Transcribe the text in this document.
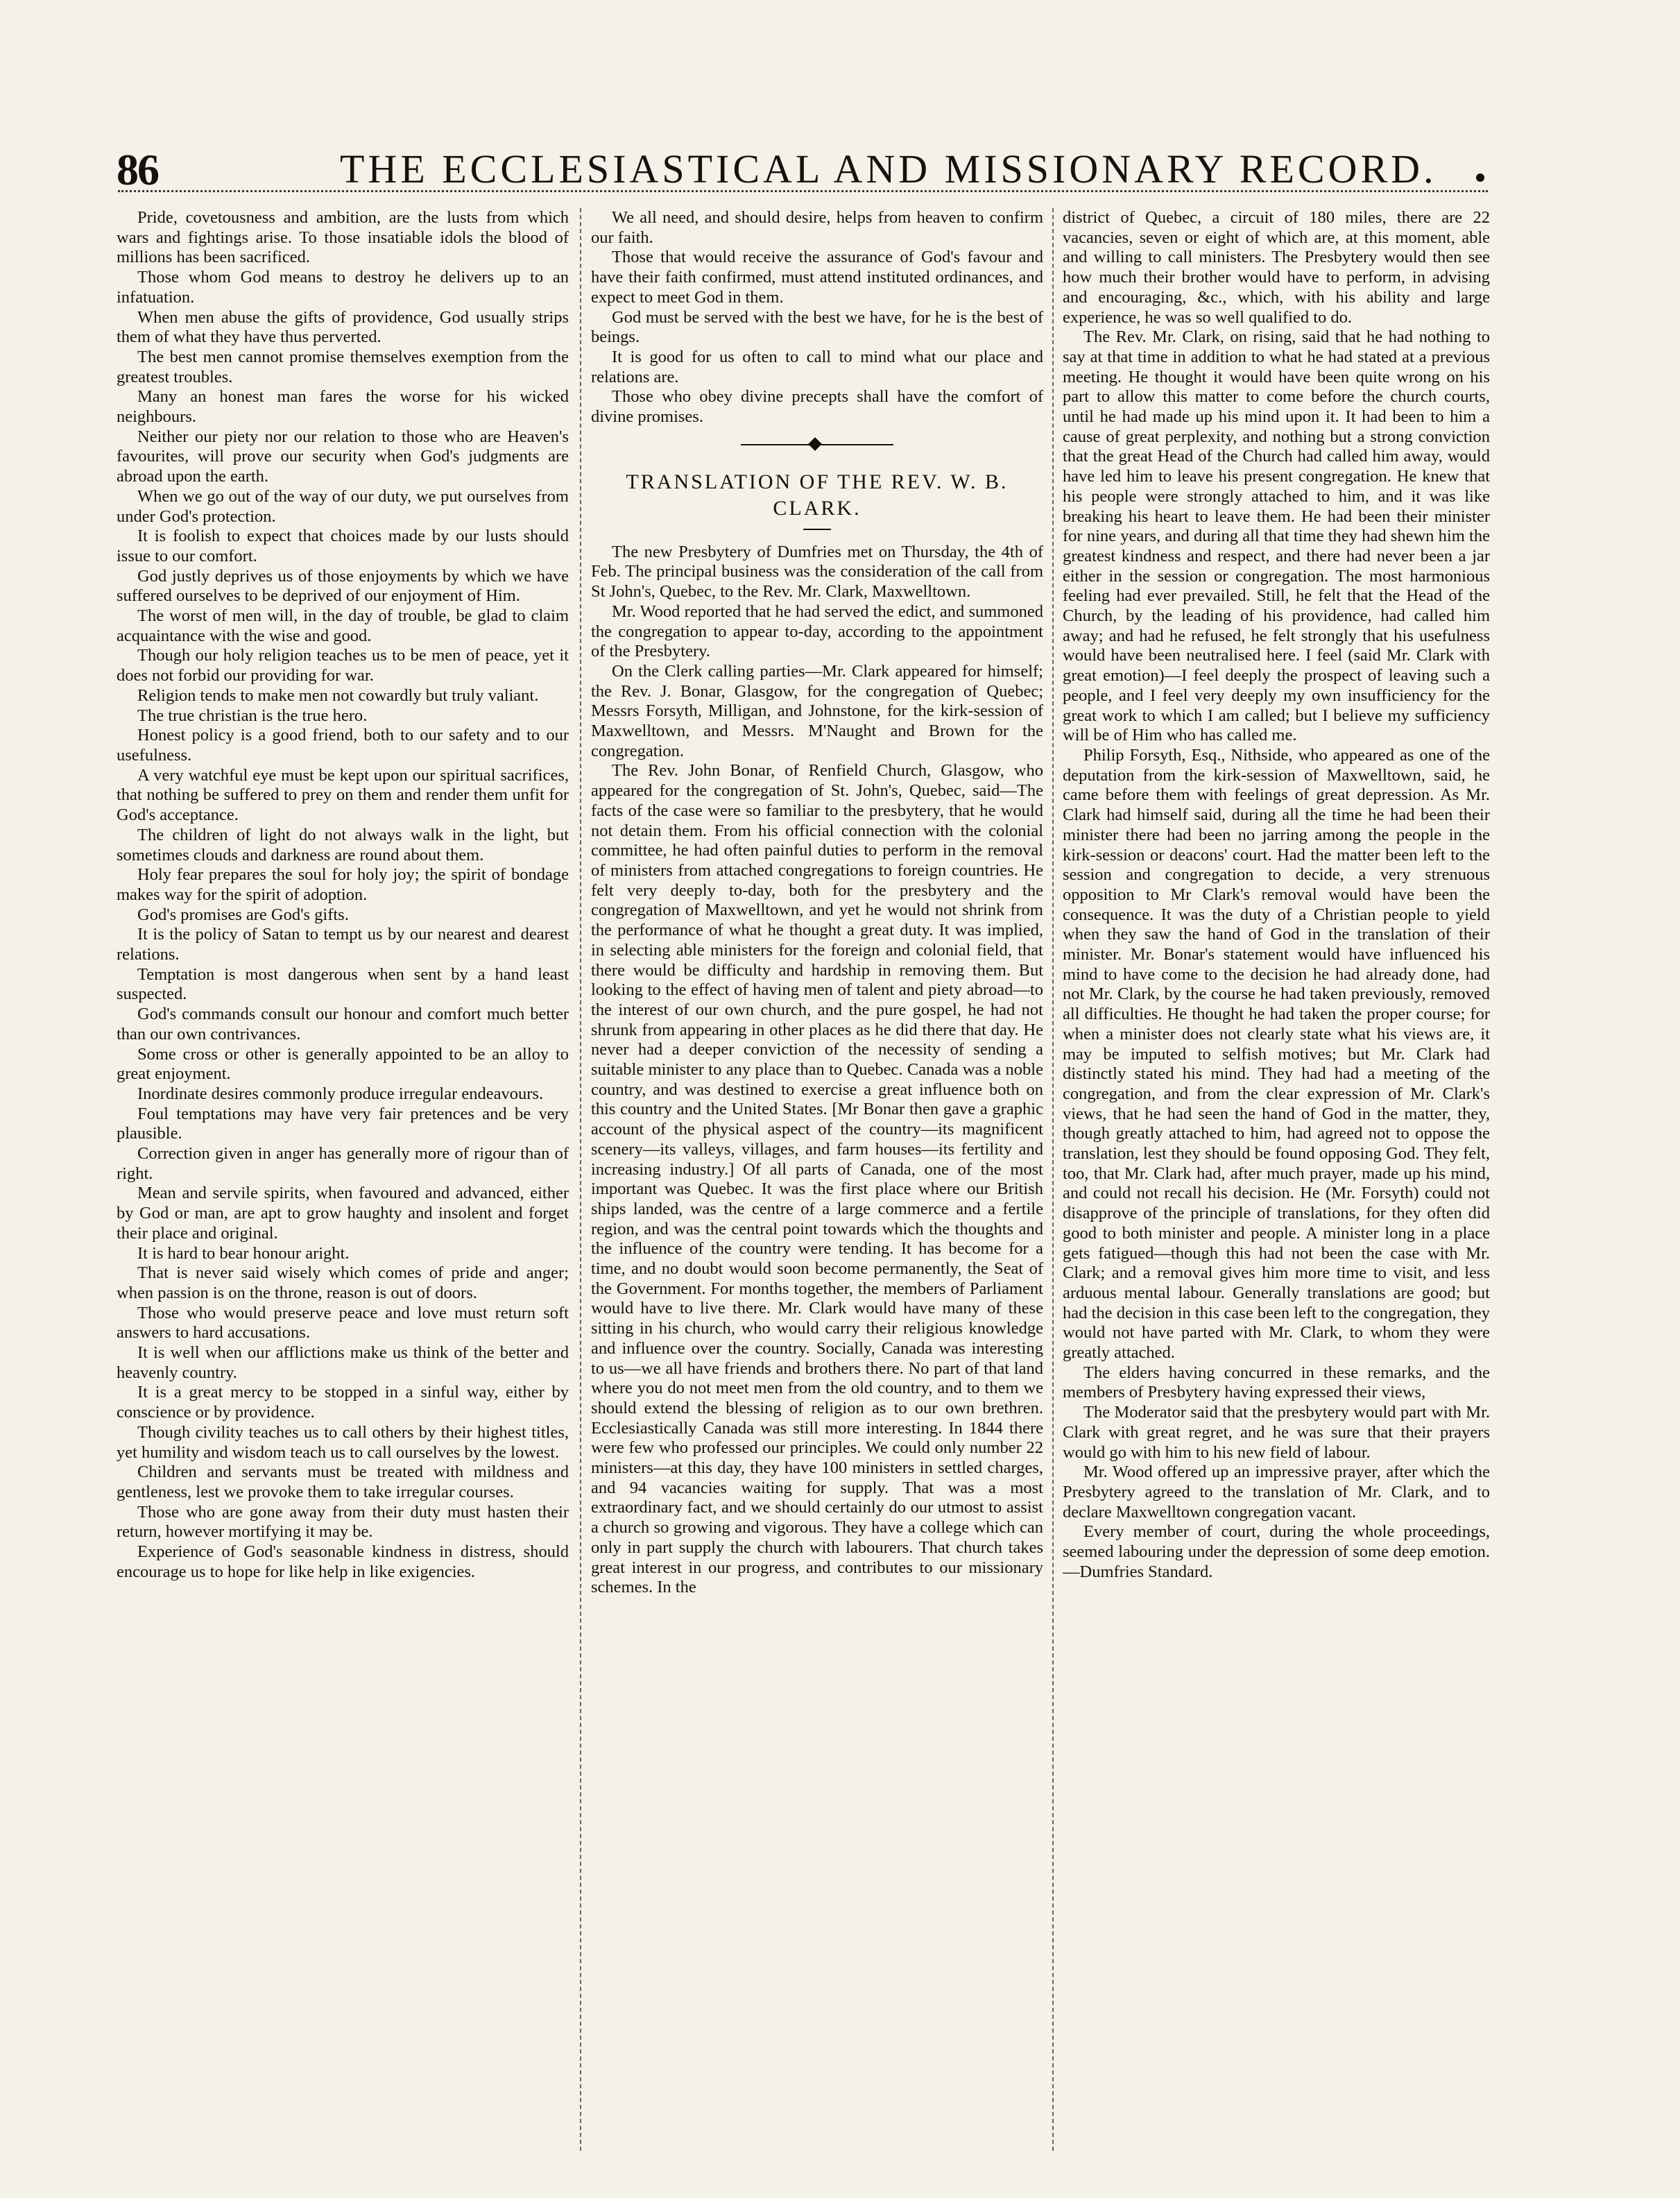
86	THE ECCLESIASTICAL AND MISSIONARY RECORD.

Pride, covetousness and ambition, are the lusts from which wars and fightings arise. To those insatiable idols the blood of millions has been sacrificed.

Those whom God means to destroy he delivers up to an infatuation.

When men abuse the gifts of providence, God usually strips them of what they have thus perverted.

The best men cannot promise themselves exemption from the greatest troubles.

Many an honest man fares the worse for his wicked neighbours.

Neither our piety nor our relation to those who are Heaven's favourites, will prove our security when God's judgments are abroad upon the earth.

When we go out of the way of our duty, we put ourselves from under God's protection.

It is foolish to expect that choices made by our lusts should issue to our comfort.

God justly deprives us of those enjoyments by which we have suffered ourselves to be deprived of our enjoyment of Him.

The worst of men will, in the day of trouble, be glad to claim acquaintance with the wise and good.

Though our holy religion teaches us to be men of peace, yet it does not forbid our providing for war.

Religion tends to make men not cowardly but truly valiant.

The true christian is the true hero.

Honest policy is a good friend, both to our safety and to our usefulness.

A very watchful eye must be kept upon our spiritual sacrifices, that nothing be suffered to prey on them and render them unfit for God's acceptance.

The children of light do not always walk in the light, but sometimes clouds and darkness are round about them.

Holy fear prepares the soul for holy joy; the spirit of bondage makes way for the spirit of adoption.

God's promises are God's gifts.

It is the policy of Satan to tempt us by our nearest and dearest relations.

Temptation is most dangerous when sent by a hand least suspected.

God's commands consult our honour and comfort much better than our own contrivances.

Some cross or other is generally appointed to be an alloy to great enjoyment.

Inordinate desires commonly produce irregular endeavours.

Foul temptations may have very fair pretences and be very plausible.

Correction given in anger has generally more of rigour than of right.

Mean and servile spirits, when favoured and advanced, either by God or man, are apt to grow haughty and insolent and forget their place and original.

It is hard to bear honour aright.

That is never said wisely which comes of pride and anger; when passion is on the throne, reason is out of doors.

Those who would preserve peace and love must return soft answers to hard accusations.

It is well when our afflictions make us think of the better and heavenly country.

It is a great mercy to be stopped in a sinful way, either by conscience or by providence.

Though civility teaches us to call others by their highest titles, yet humility and wisdom teach us to call ourselves by the lowest.

Children and servants must be treated with mildness and gentleness, lest we provoke them to take irregular courses.

Those who are gone away from their duty must hasten their return, however mortifying it may be.

Experience of God's seasonable kindness in distress, should encourage us to hope for like help in like exigencies.

We all need, and should desire, helps from heaven to confirm our faith.

Those that would receive the assurance of God's favour and have their faith confirmed, must attend instituted ordinances, and expect to meet God in them.

God must be served with the best we have, for he is the best of beings.

It is good for us often to call to mind what our place and relations are.

Those who obey divine precepts shall have the comfort of divine promises.

TRANSLATION OF THE REV. W. B. CLARK.

The new Presbytery of Dumfries met on Thursday, the 4th of Feb. The principal business was the consideration of the call from St John's, Quebec, to the Rev. Mr. Clark, Maxwelltown.

Mr. Wood reported that he had served the edict, and summoned the congregation to appear to-day, according to the appointment of the Presbytery.

On the Clerk calling parties—Mr. Clark appeared for himself; the Rev. J. Bonar, Glasgow, for the congregation of Quebec; Messrs Forsyth, Milligan, and Johnstone, for the kirk-session of Maxwelltown, and Messrs. M'Naught and Brown for the congregation.

The Rev. John Bonar, of Renfield Church, Glasgow, who appeared for the congregation of St. John's, Quebec, said—The facts of the case were so familiar to the presbytery, that he would not detain them. From his official connection with the colonial committee, he had often painful duties to perform in the removal of ministers from attached congregations to foreign countries. He felt very deeply to-day, both for the presbytery and the congregation of Maxwelltown, and yet he would not shrink from the performance of what he thought a great duty. It was implied, in selecting able ministers for the foreign and colonial field, that there would be difficulty and hardship in removing them. But looking to the effect of having men of talent and piety abroad—to the interest of our own church, and the pure gospel, he had not shrunk from appearing in other places as he did there that day. He never had a deeper conviction of the necessity of sending a suitable minister to any place than to Quebec. Canada was a noble country, and was destined to exercise a great influence both on this country and the United States. [Mr Bonar then gave a graphic account of the physical aspect of the country—its magnificent scenery—its valleys, villages, and farm houses—its fertility and increasing industry.] Of all parts of Canada, one of the most important was Quebec. It was the first place where our British ships landed, was the centre of a large commerce and a fertile region, and was the central point towards which the thoughts and the influence of the country were tending. It has become for a time, and no doubt would soon become permanently, the Seat of the Government. For months together, the members of Parliament would have to live there. Mr. Clark would have many of these sitting in his church, who would carry their religious knowledge and influence over the country. Socially, Canada was interesting to us—we all have friends and brothers there. No part of that land where you do not meet men from the old country, and to them we should extend the blessing of religion as to our own brethren. Ecclesiastically Canada was still more interesting. In 1844 there were few who professed our principles. We could only number 22 ministers—at this day, they have 100 ministers in settled charges, and 94 vacancies waiting for supply. That was a most extraordinary fact, and we should certainly do our utmost to assist a church so growing and vigorous. They have a college which can only in part supply the church with labourers. That church takes great interest in our progress, and contributes to our missionary schemes. In the

district of Quebec, a circuit of 180 miles, there are 22 vacancies, seven or eight of which are, at this moment, able and willing to call ministers. The Presbytery would then see how much their brother would have to perform, in advising and encouraging, &c., which, with his ability and large experience, he was so well qualified to do.

The Rev. Mr. Clark, on rising, said that he had nothing to say at that time in addition to what he had stated at a previous meeting. He thought it would have been quite wrong on his part to allow this matter to come before the church courts, until he had made up his mind upon it. It had been to him a cause of great perplexity, and nothing but a strong conviction that the great Head of the Church had called him away, would have led him to leave his present congregation. He knew that his people were strongly attached to him, and it was like breaking his heart to leave them. He had been their minister for nine years, and during all that time they had shewn him the greatest kindness and respect, and there had never been a jar either in the session or congregation. The most harmonious feeling had ever prevailed. Still, he felt that the Head of the Church, by the leading of his providence, had called him away; and had he refused, he felt strongly that his usefulness would have been neutralised here. I feel (said Mr. Clark with great emotion)—I feel deeply the prospect of leaving such a people, and I feel very deeply my own insufficiency for the great work to which I am called; but I believe my sufficiency will be of Him who has called me.

Philip Forsyth, Esq., Nithside, who appeared as one of the deputation from the kirk-session of Maxwelltown, said, he came before them with feelings of great depression. As Mr. Clark had himself said, during all the time he had been their minister there had been no jarring among the people in the kirk-session or deacons' court. Had the matter been left to the session and congregation to decide, a very strenuous opposition to Mr Clark's removal would have been the consequence. It was the duty of a Christian people to yield when they saw the hand of God in the translation of their minister. Mr. Bonar's statement would have influenced his mind to have come to the decision he had already done, had not Mr. Clark, by the course he had taken previously, removed all difficulties. He thought he had taken the proper course; for when a minister does not clearly state what his views are, it may be imputed to selfish motives; but Mr. Clark had distinctly stated his mind. They had had a meeting of the congregation, and from the clear expression of Mr. Clark's views, that he had seen the hand of God in the matter, they, though greatly attached to him, had agreed not to oppose the translation, lest they should be found opposing God. They felt, too, that Mr. Clark had, after much prayer, made up his mind, and could not recall his decision. He (Mr. Forsyth) could not disapprove of the principle of translations, for they often did good to both minister and people. A minister long in a place gets fatigued—though this had not been the case with Mr. Clark; and a removal gives him more time to visit, and less arduous mental labour. Generally translations are good; but had the decision in this case been left to the congregation, they would not have parted with Mr. Clark, to whom they were greatly attached.

The elders having concurred in these remarks, and the members of Presbytery having expressed their views,

The Moderator said that the presbytery would part with Mr. Clark with great regret, and he was sure that their prayers would go with him to his new field of labour.

Mr. Wood offered up an impressive prayer, after which the Presbytery agreed to the translation of Mr. Clark, and to declare Maxwelltown congregation vacant.

Every member of court, during the whole proceedings, seemed labouring under the depression of some deep emotion.—Dumfries Standard.
